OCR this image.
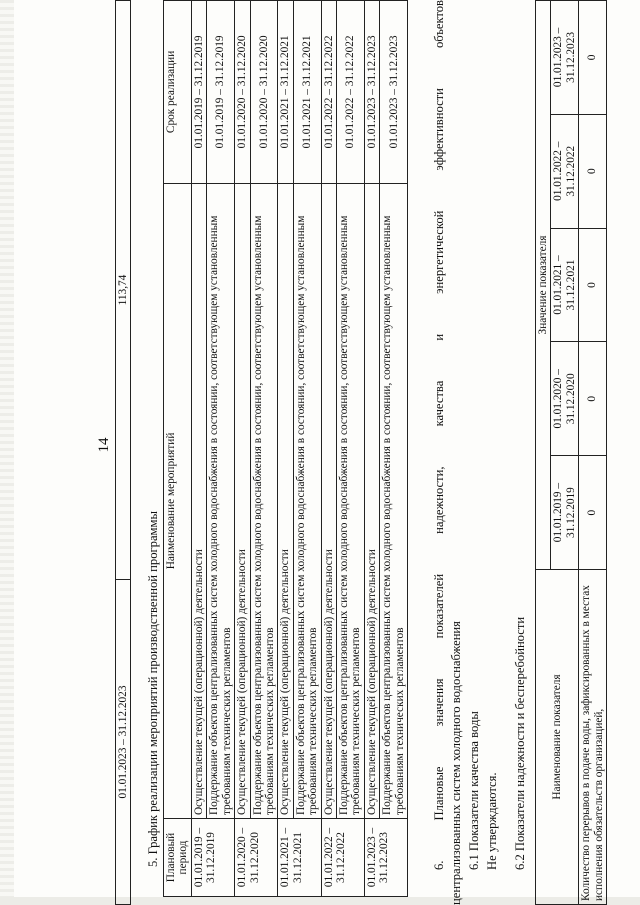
14
01.01.2023 – 31.12.2023	113,74
5. График реализации мероприятий производственной программы Плановый период	Наименование мероприятий	Срок реализации
01.01.2019 – 31.12.2019	Осуществление текущей (операционной) деятельности	01.01.2019 – 31.12.2019
	Поддержание объектов централизованных систем холодного водоснабжения в состоянии, соответствующем установленным требованиям технических регламентов	01.01.2019 – 31.12.2019
01.01.2020 – 31.12.2020	Осуществление текущей (операционной) деятельности	01.01.2020 – 31.12.2020
	Поддержание объектов централизованных систем холодного водоснабжения в состоянии, соответствующем установленным требованиям технических регламентов	01.01.2020 – 31.12.2020
01.01.2021 – 31.12.2021	Осуществление текущей (операционной) деятельности	01.01.2021 – 31.12.2021
	Поддержание объектов централизованных систем холодного водоснабжения в состоянии, соответствующем установленным требованиям технических регламентов	01.01.2021 – 31.12.2021
01.01.2022 – 31.12.2022	Осуществление текущей (операционной) деятельности	01.01.2022 – 31.12.2022
	Поддержание объектов централизованных систем холодного водоснабжения в состоянии, соответствующем установленным требованиям технических регламентов	01.01.2022 – 31.12.2022
01.01.2023 – 31.12.2023	Осуществление текущей (операционной) деятельности	01.01.2023 – 31.12.2023
	Поддержание объектов централизованных систем холодного водоснабжения в состоянии, соответствующем установленным требованиям технических регламентов	01.01.2023 – 31.12.2023	6. Плановые значения показателей надежности, качества и энергетической эффективности объектов централизованных систем холодного водоснабжения 6.1 Показатели качества воды Не утверждаются. 6.2 Показатели надежности и бесперебойности Наименование показателя	Значение показателя				
	01.01.2019 – 31.12.2019	01.01.2020 – 31.12.2020	01.01.2021 – 31.12.2021	01.01.2022 – 31.12.2022	01.01.2023 – 31.12.2023
Количество перерывов в подаче воды, зафиксированных в местах исполнения обязательств организацией,	0	0	0	0	0
